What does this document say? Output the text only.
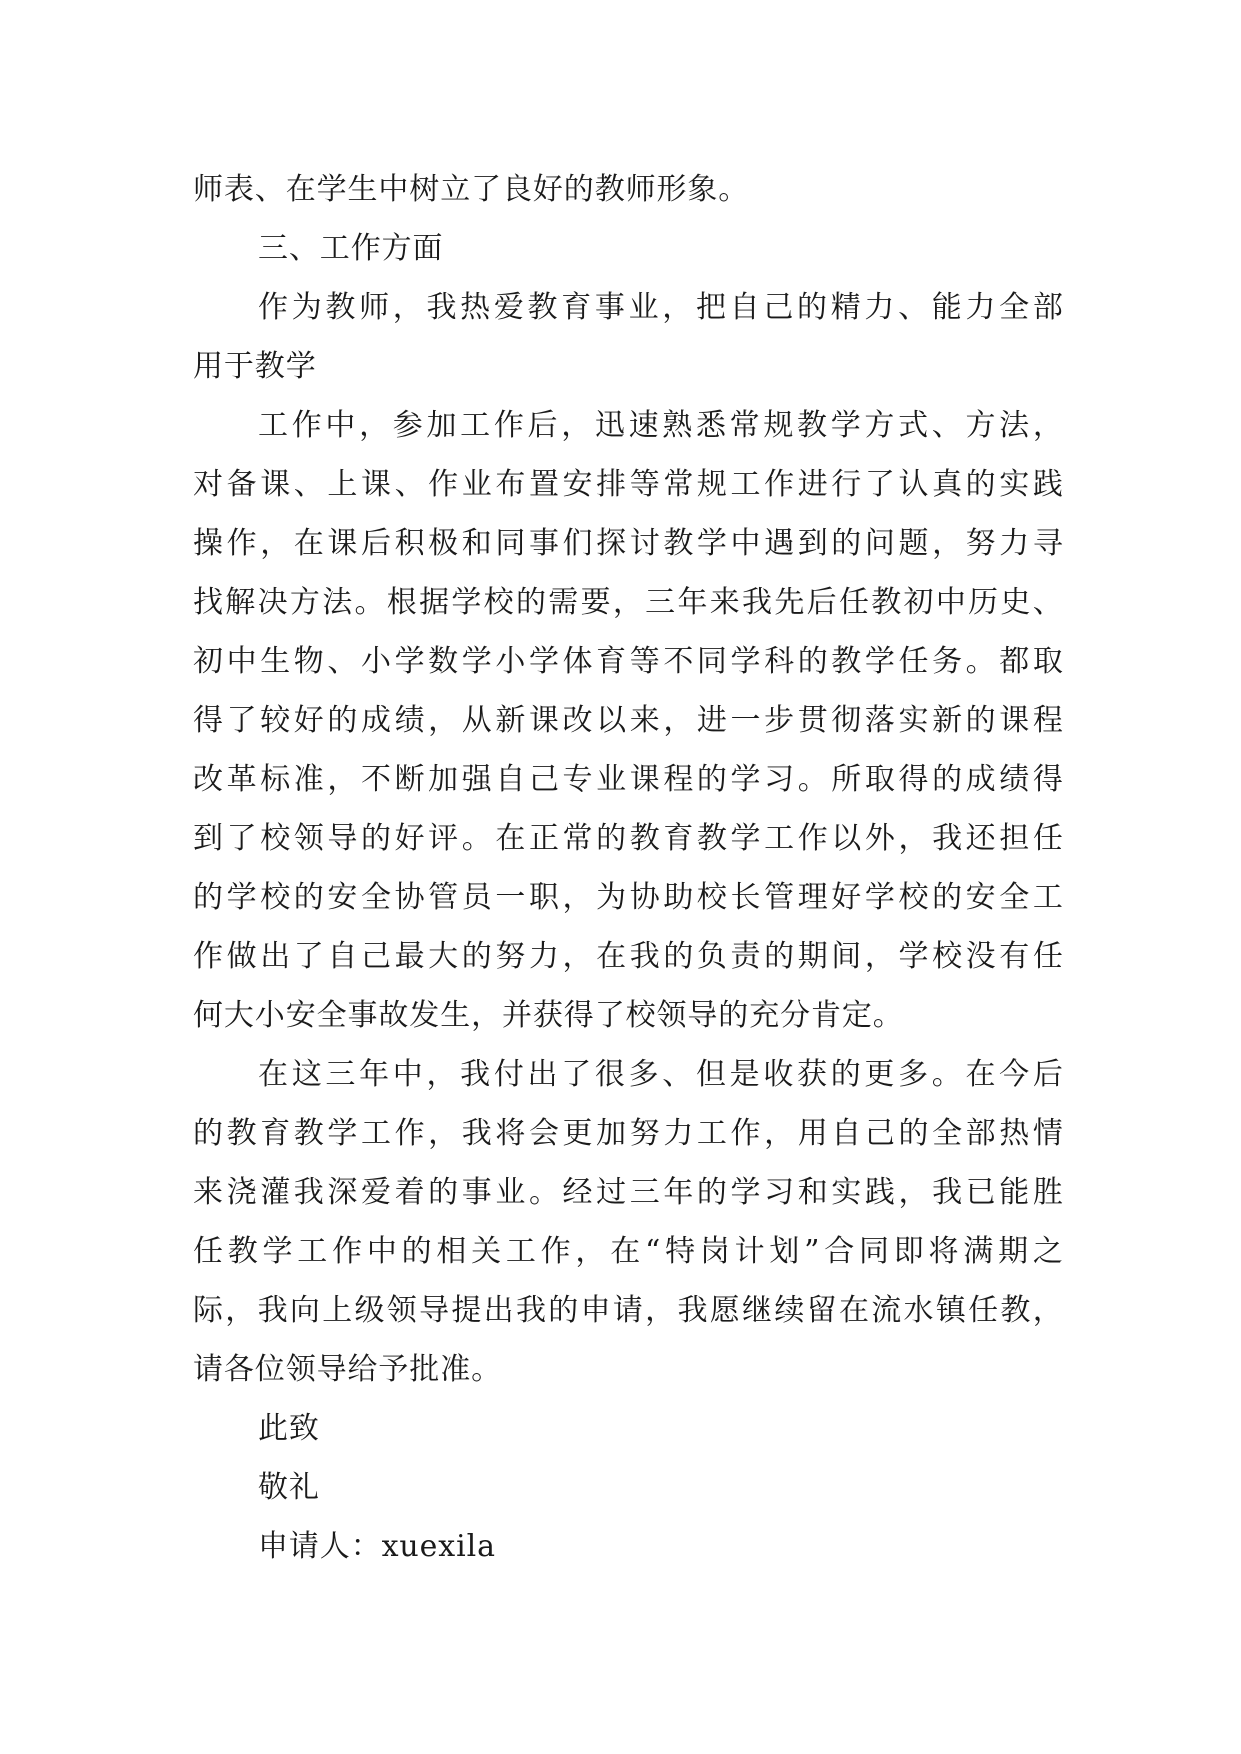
师表、在学生中树立了良好的教师形象。
三、工作方面
作 为 教 师 ， 我 热 爱 教 育 事 业 ， 把 自 己 的 精 力 、 能 力 全 部
用于教学
工 作 中 ， 参 加 工 作 后 ， 迅 速 熟 悉 常 规 教 学 方 式 、 方 法 ，
对 备 课 、 上 课 、 作 业 布 置 安 排 等 常 规 工 作 进 行 了 认 真 的 实 践
操 作 ， 在 课 后 积 极 和 同 事 们 探 讨 教 学 中 遇 到 的 问 题 ， 努 力 寻
找 解 决 方 法 。 根 据 学 校 的 需 要 ， 三 年 来 我 先 后 任 教 初 中 历 史 、
初 中 生 物 、 小 学 数 学 小 学 体 育 等 不 同 学 科 的 教 学 任 务 。 都 取
得 了 较 好 的 成 绩 ， 从 新 课 改 以 来 ， 进 一 步 贯 彻 落 实 新 的 课 程
改 革 标 准 ， 不 断 加 强 自 己 专 业 课 程 的 学 习 。 所 取 得 的 成 绩 得
到 了 校 领 导 的 好 评 。 在 正 常 的 教 育 教 学 工 作 以 外 ， 我 还 担 任
的 学 校 的 安 全 协 管 员 一 职 ， 为 协 助 校 长 管 理 好 学 校 的 安 全 工
作 做 出 了 自 己 最 大 的 努 力 ， 在 我 的 负 责 的 期 间 ， 学 校 没 有 任
何大小安全事故发生，并获得了校领导的充分肯定。
在 这 三 年 中 ， 我 付 出 了 很 多 、 但 是 收 获 的 更 多 。 在 今 后
的 教 育 教 学 工 作 ， 我 将 会 更 加 努 力 工 作 ， 用 自 己 的 全 部 热 情
来 浇 灌 我 深 爱 着 的 事 业 。 经 过 三 年 的 学 习 和 实 践 ， 我 已 能 胜
任 教 学 工 作 中 的 相 关 工 作 ， 在 “ 特 岗 计 划 ” 合 同 即 将 满 期 之
际 ， 我 向 上 级 领 导 提 出 我 的 申 请 ， 我 愿 继 续 留 在 流 水 镇 任 教 ，
请各位领导给予批准。
此致
敬礼
申请人：xuexila
